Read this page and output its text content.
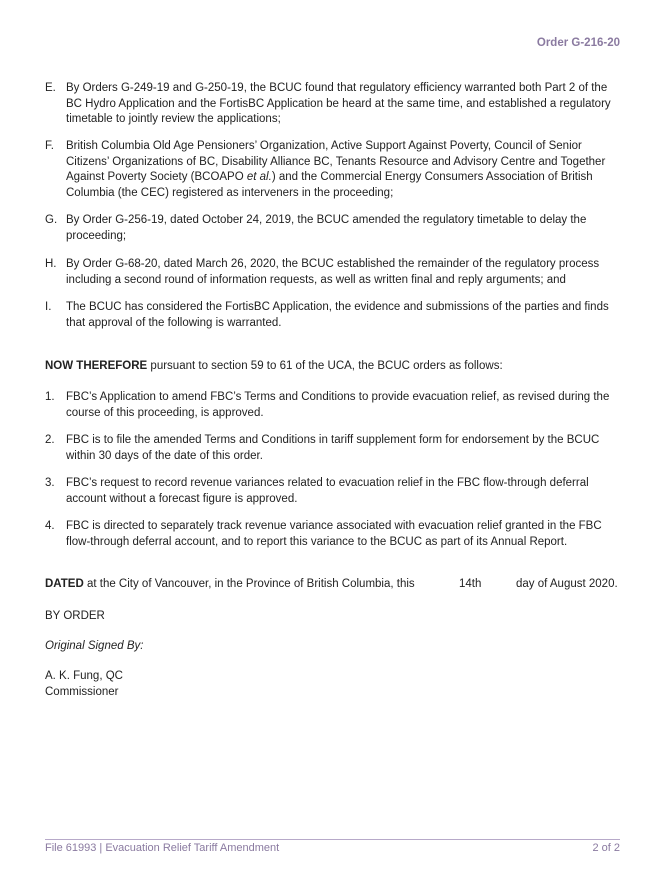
Order G-216-20

E. By Orders G-249-19 and G-250-19, the BCUC found that regulatory efficiency warranted both Part 2 of the BC Hydro Application and the FortisBC Application be heard at the same time, and established a regulatory timetable to jointly review the applications;

F. British Columbia Old Age Pensioners’ Organization, Active Support Against Poverty, Council of Senior Citizens’ Organizations of BC, Disability Alliance BC, Tenants Resource and Advisory Centre and Together Against Poverty Society (BCOAPO et al.) and the Commercial Energy Consumers Association of British Columbia (the CEC) registered as interveners in the proceeding;

G. By Order G-256-19, dated October 24, 2019, the BCUC amended the regulatory timetable to delay the proceeding;

H. By Order G-68-20, dated March 26, 2020, the BCUC established the remainder of the regulatory process including a second round of information requests, as well as written final and reply arguments; and

I. The BCUC has considered the FortisBC Application, the evidence and submissions of the parties and finds that approval of the following is warranted.

NOW THEREFORE pursuant to section 59 to 61 of the UCA, the BCUC orders as follows:

1. FBC’s Application to amend FBC’s Terms and Conditions to provide evacuation relief, as revised during the course of this proceeding, is approved.

2. FBC is to file the amended Terms and Conditions in tariff supplement form for endorsement by the BCUC within 30 days of the date of this order.

3. FBC’s request to record revenue variances related to evacuation relief in the FBC flow-through deferral account without a forecast figure is approved.

4. FBC is directed to separately track revenue variance associated with evacuation relief granted in the FBC flow-through deferral account, and to report this variance to the BCUC as part of its Annual Report.

DATED at the City of Vancouver, in the Province of British Columbia, this	14th	day of August 2020.
BY ORDER
Original Signed By:
A. K. Fung, QC
Commissioner
File 61993 | Evacuation Relief Tariff Amendment	2 of 2
